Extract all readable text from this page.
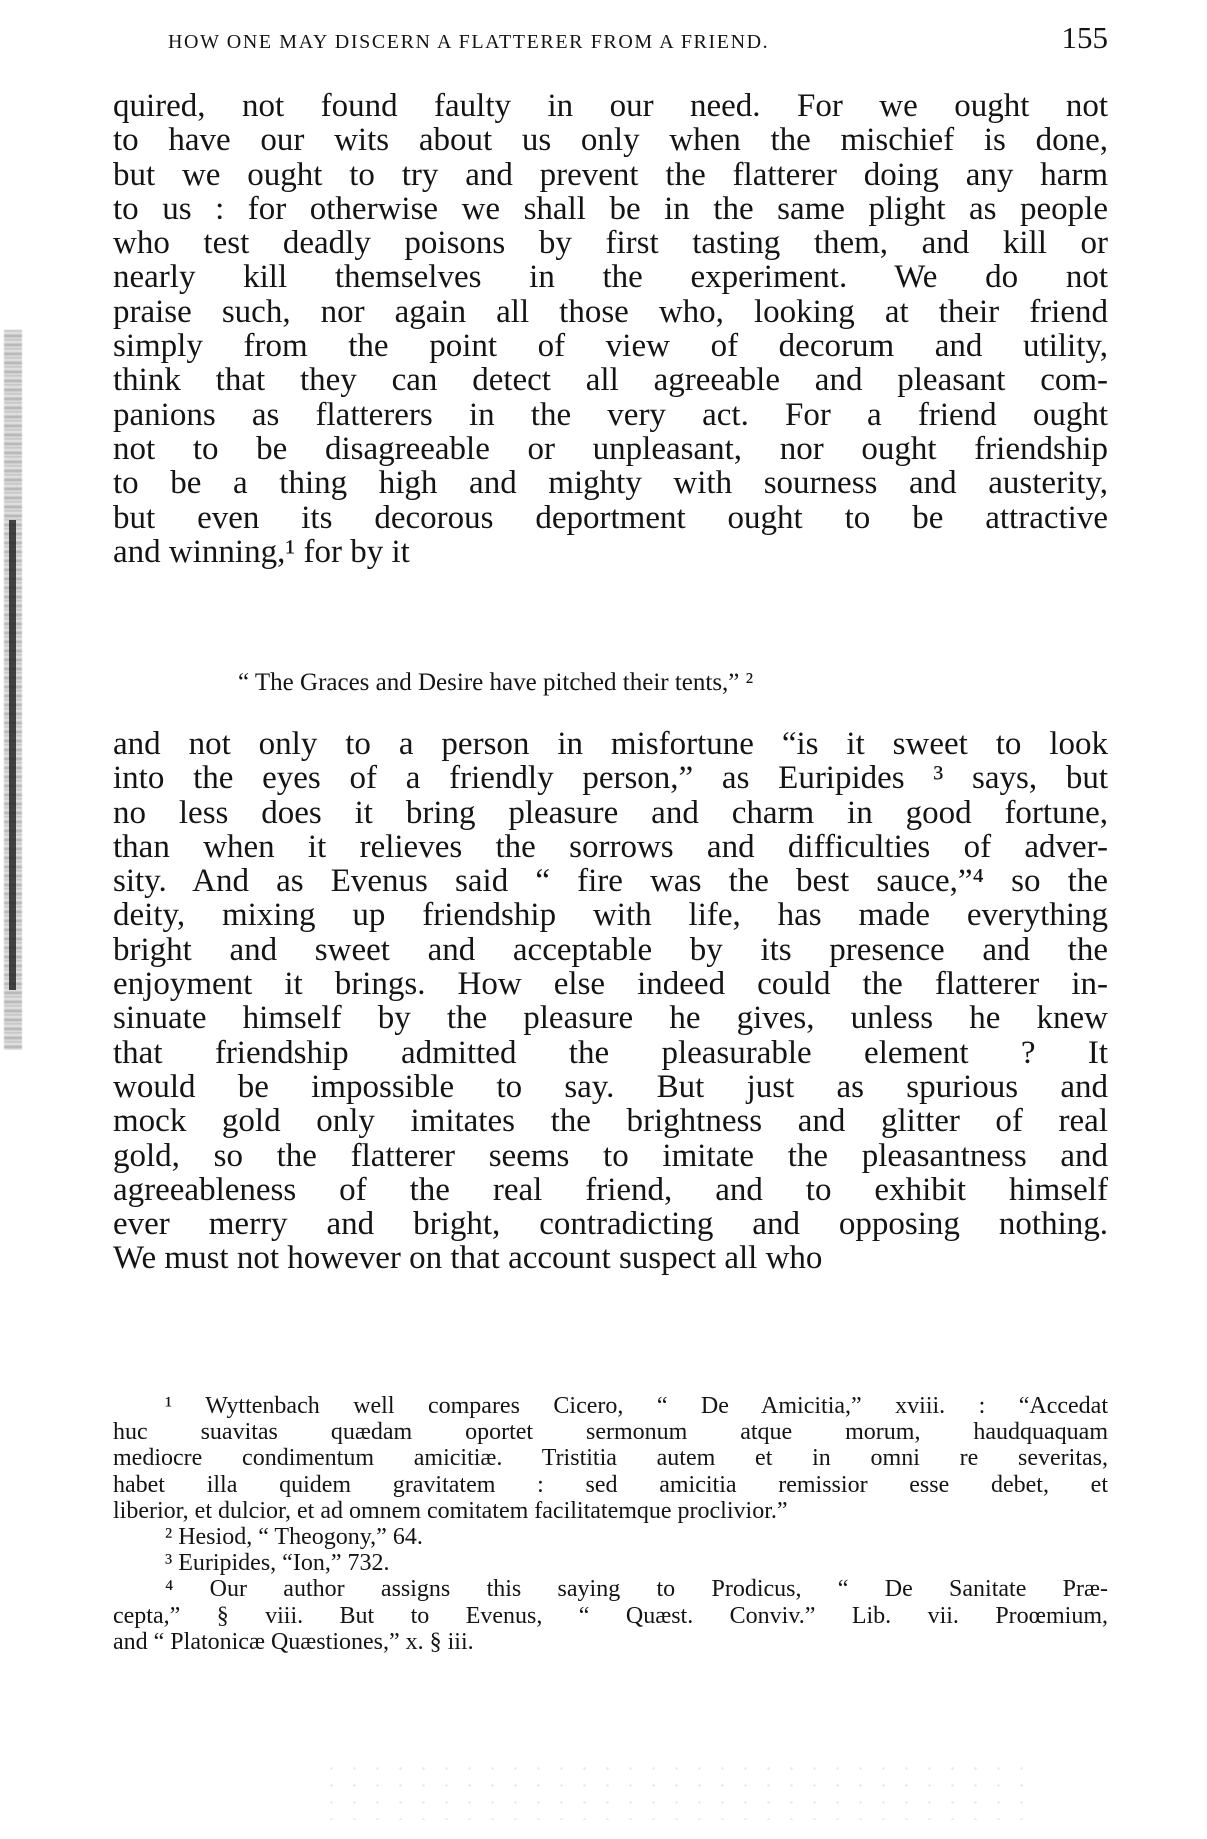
HOW ONE MAY DISCERN A FLATTERER FROM A FRIEND.	155
quired, not found faulty in our need. For we ought not
to have our wits about us only when the mischief is done,
but we ought to try and prevent the flatterer doing any harm
to us : for otherwise we shall be in the same plight as people
who test deadly poisons by first tasting them, and kill or
nearly kill themselves in the experiment. We do not
praise such, nor again all those who, looking at their friend
simply from the point of view of decorum and utility,
think that they can detect all agreeable and pleasant com-
panions as flatterers in the very act. For a friend ought
not to be disagreeable or unpleasant, nor ought friendship
to be a thing high and mighty with sourness and austerity,
but even its decorous deportment ought to be attractive
and winning,¹ for by it
“ The Graces and Desire have pitched their tents,” ²
and not only to a person in misfortune “is it sweet to look
into the eyes of a friendly person,” as Euripides ³ says, but
no less does it bring pleasure and charm in good fortune,
than when it relieves the sorrows and difficulties of adver-
sity. And as Evenus said “ fire was the best sauce,”⁴ so the
deity, mixing up friendship with life, has made everything
bright and sweet and acceptable by its presence and the
enjoyment it brings. How else indeed could the flatterer in-
sinuate himself by the pleasure he gives, unless he knew
that friendship admitted the pleasurable element ? It
would be impossible to say. But just as spurious and
mock gold only imitates the brightness and glitter of real
gold, so the flatterer seems to imitate the pleasantness and
agreeableness of the real friend, and to exhibit himself
ever merry and bright, contradicting and opposing nothing.
We must not however on that account suspect all who
¹ Wyttenbach well compares Cicero, “ De Amicitia,” xviii. : “Accedat
huc suavitas quædam oportet sermonum atque morum, haudquaquam
mediocre condimentum amicitiæ. Tristitia autem et in omni re severitas,
habet illa quidem gravitatem : sed amicitia remissior esse debet, et
liberior, et dulcior, et ad omnem comitatem facilitatemque proclivior.”
² Hesiod, “ Theogony,” 64.
³ Euripides, “Ion,” 732.
⁴ Our author assigns this saying to Prodicus, “ De Sanitate Præ-
cepta,” § viii. But to Evenus, “ Quæst. Conviv.” Lib. vii. Proœmium,
and “ Platonicæ Quæstiones,” x. § iii.
